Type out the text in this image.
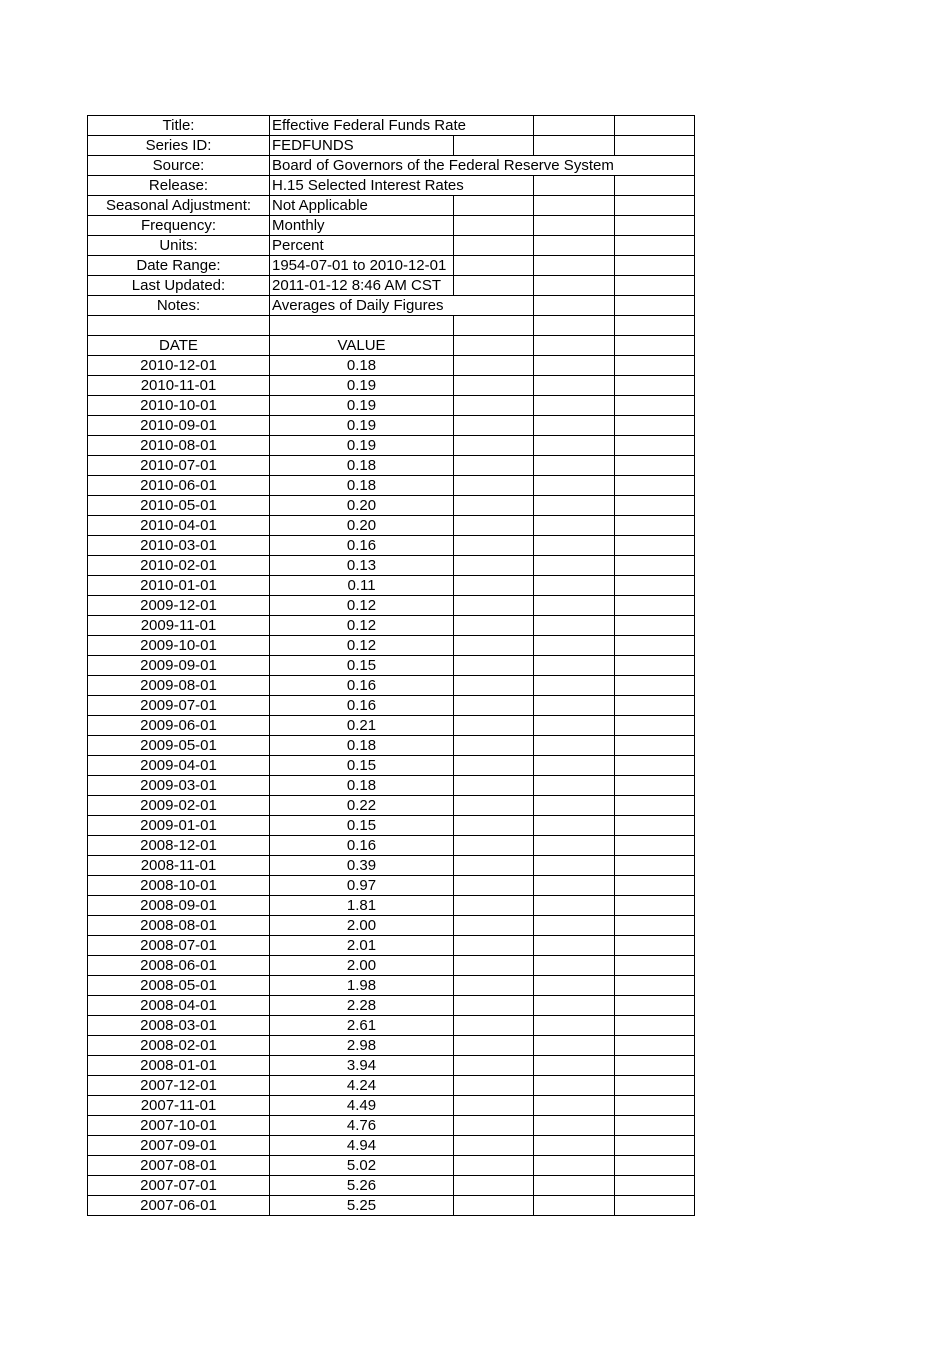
Title:	Effective Federal Funds Rate			
Series ID:	FEDFUNDS			
Source:	Board of Governors of the Federal Reserve System			
Release:	H.15 Selected Interest Rates			
Seasonal Adjustment:	Not Applicable			
Frequency:	Monthly			
Units:	Percent			
Date Range:	1954-07-01 to 2010-12-01			
Last Updated:	2011-01-12 8:46 AM CST			
Notes:	Averages of Daily Figures			

DATE	VALUE			
2010-12-01	0.18			
2010-11-01	0.19			
2010-10-01	0.19			
2010-09-01	0.19			
2010-08-01	0.19			
2010-07-01	0.18			
2010-06-01	0.18			
2010-05-01	0.20			
2010-04-01	0.20			
2010-03-01	0.16			
2010-02-01	0.13			
2010-01-01	0.11			
2009-12-01	0.12			
2009-11-01	0.12			
2009-10-01	0.12			
2009-09-01	0.15			
2009-08-01	0.16			
2009-07-01	0.16			
2009-06-01	0.21			
2009-05-01	0.18			
2009-04-01	0.15			
2009-03-01	0.18			
2009-02-01	0.22			
2009-01-01	0.15			
2008-12-01	0.16			
2008-11-01	0.39			
2008-10-01	0.97			
2008-09-01	1.81			
2008-08-01	2.00			
2008-07-01	2.01			
2008-06-01	2.00			
2008-05-01	1.98			
2008-04-01	2.28			
2008-03-01	2.61			
2008-02-01	2.98			
2008-01-01	3.94			
2007-12-01	4.24			
2007-11-01	4.49			
2007-10-01	4.76			
2007-09-01	4.94			
2007-08-01	5.02			
2007-07-01	5.26			
2007-06-01	5.25			
